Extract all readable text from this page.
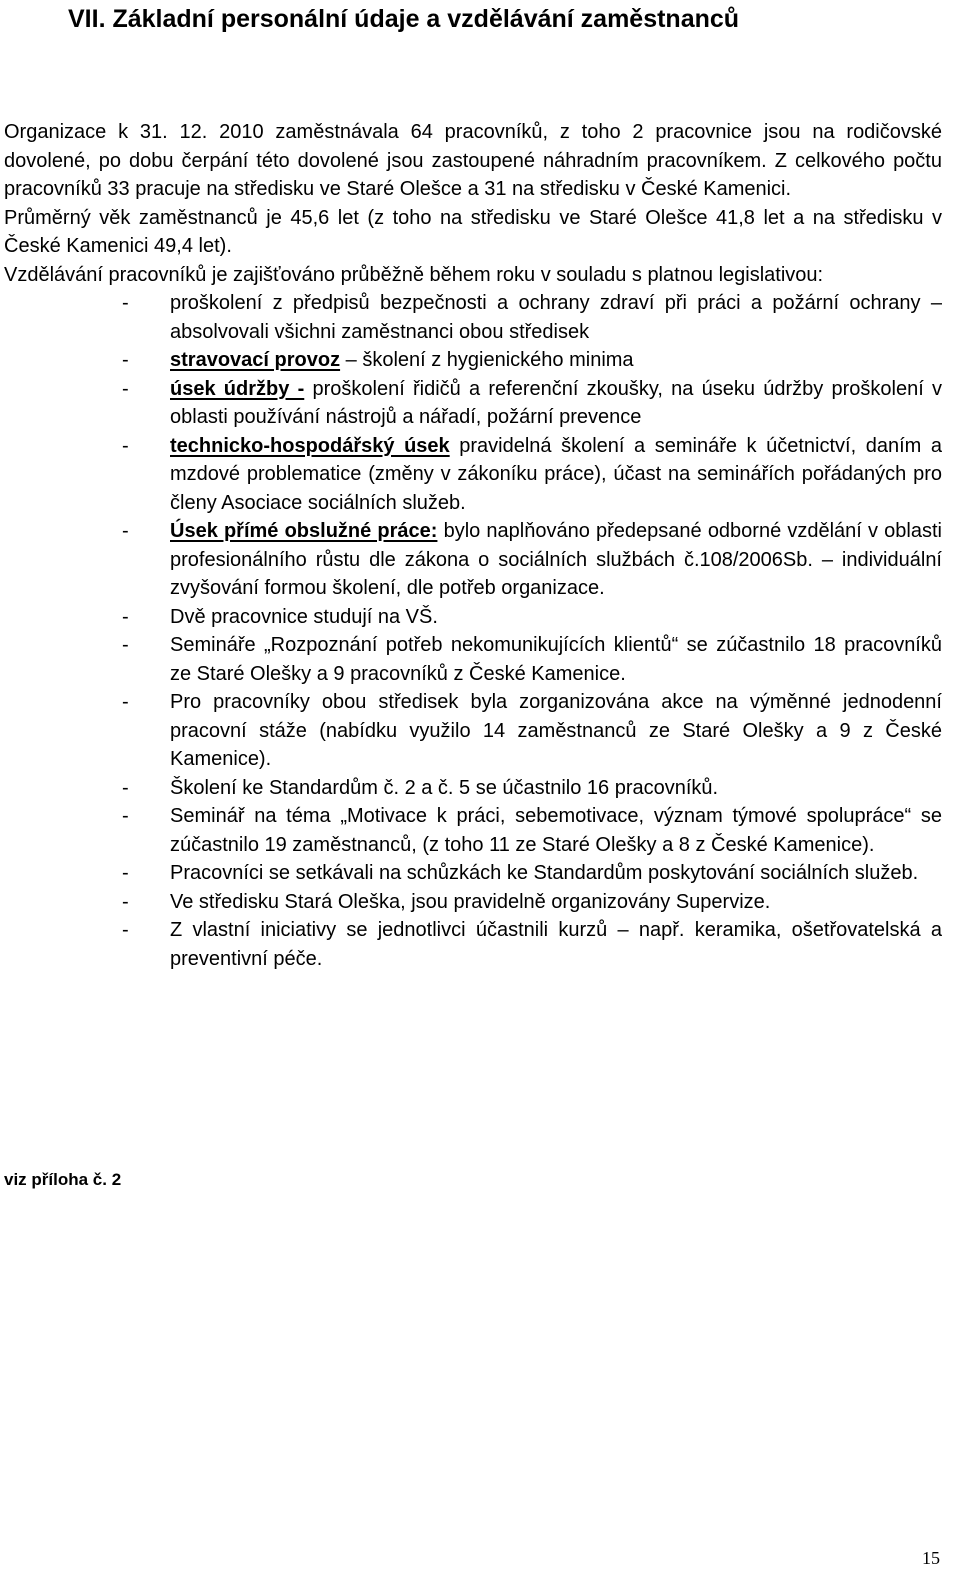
VII. Základní personální údaje a vzdělávání zaměstnanců

Organizace k 31. 12. 2010 zaměstnávala 64 pracovníků, z toho 2 pracovnice jsou na rodičovské dovolené, po dobu čerpání této dovolené jsou zastoupené náhradním pracovníkem. Z celkového počtu pracovníků 33 pracuje na středisku ve Staré Olešce a 31 na středisku v České Kamenici.

Průměrný věk zaměstnanců je 45,6 let (z toho na středisku ve Staré Olešce 41,8 let a na středisku v České Kamenici 49,4 let).

Vzdělávání pracovníků je zajišťováno průběžně během roku v souladu s platnou legislativou:

- proškolení z předpisů bezpečnosti a ochrany zdraví při práci a požární ochrany – absolvovali všichni zaměstnanci obou středisek
- stravovací provoz – školení z hygienického minima
- úsek údržby - proškolení řidičů a referenční zkoušky, na úseku údržby proškolení v oblasti používání nástrojů a nářadí, požární prevence
- technicko-hospodářský úsek pravidelná školení a semináře k účetnictví, daním a mzdové problematice (změny v zákoníku práce), účast na seminářích pořádaných pro členy Asociace sociálních služeb.
- Úsek přímé obslužné práce: bylo naplňováno předepsané odborné vzdělání v oblasti profesionálního růstu dle zákona o sociálních službách č.108/2006Sb. – individuální zvyšování formou školení, dle potřeb organizace.
- Dvě pracovnice studují na VŠ.
- Semináře „Rozpoznání potřeb nekomunikujících klientů“ se zúčastnilo 18 pracovníků ze Staré Olešky a 9 pracovníků z České Kamenice.
- Pro pracovníky obou středisek byla zorganizována akce na výměnné jednodenní pracovní stáže (nabídku využilo 14 zaměstnanců ze Staré Olešky a 9 z České Kamenice).
- Školení ke Standardům č. 2 a č. 5 se účastnilo 16 pracovníků.
- Seminář na téma „Motivace k práci, sebemotivace, význam týmové spolupráce“ se zúčastnilo 19 zaměstnanců, (z toho 11 ze Staré Olešky a 8 z České Kamenice).
- Pracovníci se setkávali na schůzkách ke Standardům poskytování sociálních služeb.
- Ve středisku Stará Oleška, jsou pravidelně organizovány Supervize.
- Z vlastní iniciativy se jednotlivci účastnili kurzů – např. keramika, ošetřovatelská a preventivní péče.

viz příloha č. 2

15
